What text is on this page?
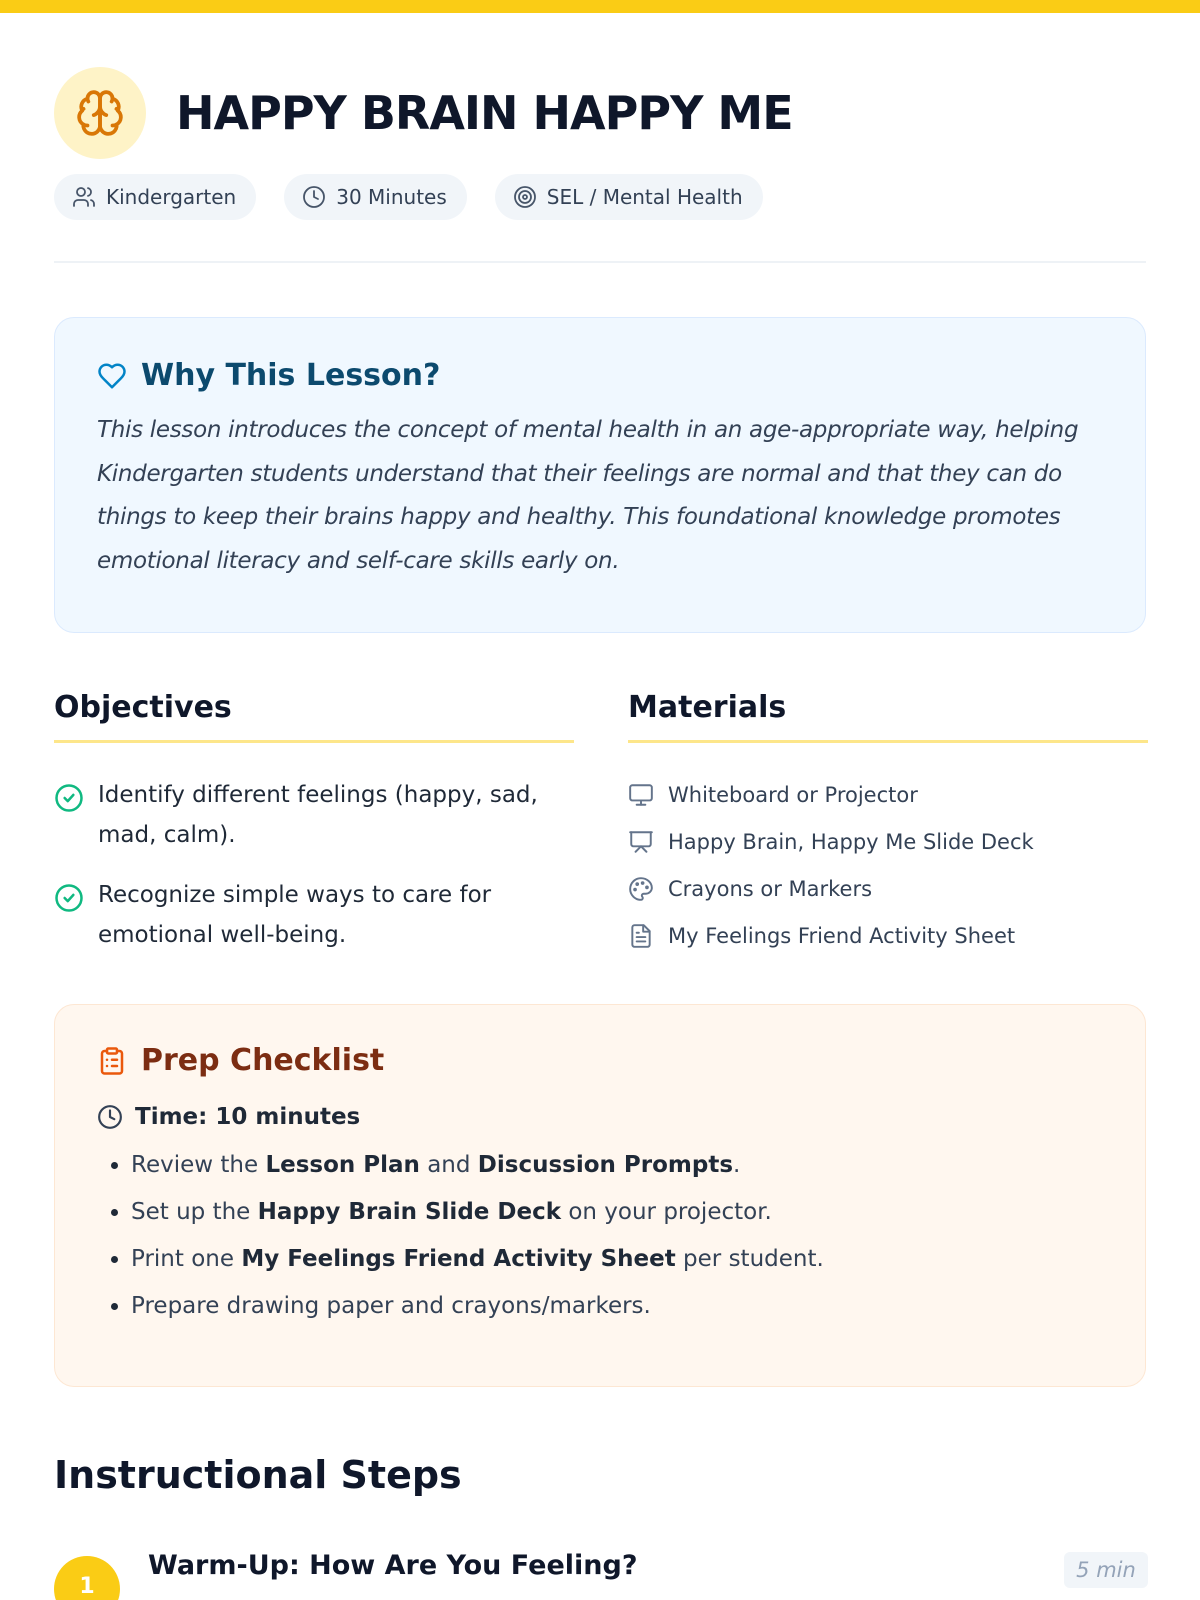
HAPPY BRAIN HAPPY ME
Kindergarten	30 Minutes	SEL / Mental Health
Why This Lesson?

This lesson introduces the concept of mental health in an age-appropriate way, helping Kindergarten students understand that their feelings are normal and that they can do things to keep their brains happy and healthy. This foundational knowledge promotes emotional literacy and self-care skills early on.

Objectives
Identify different feelings (happy, sad, mad, calm).
Recognize simple ways to care for emotional well-being.
Materials
Whiteboard or Projector
Happy Brain, Happy Me Slide Deck
Crayons or Markers
My Feelings Friend Activity Sheet
Prep Checklist
Time: 10 minutes
• Review the Lesson Plan and Discussion Prompts.
• Set up the Happy Brain Slide Deck on your projector.
• Print one My Feelings Friend Activity Sheet per student.
• Prepare drawing paper and crayons/markers.
Instructional Steps
1
Warm-Up: How Are You Feeling?	5 min
